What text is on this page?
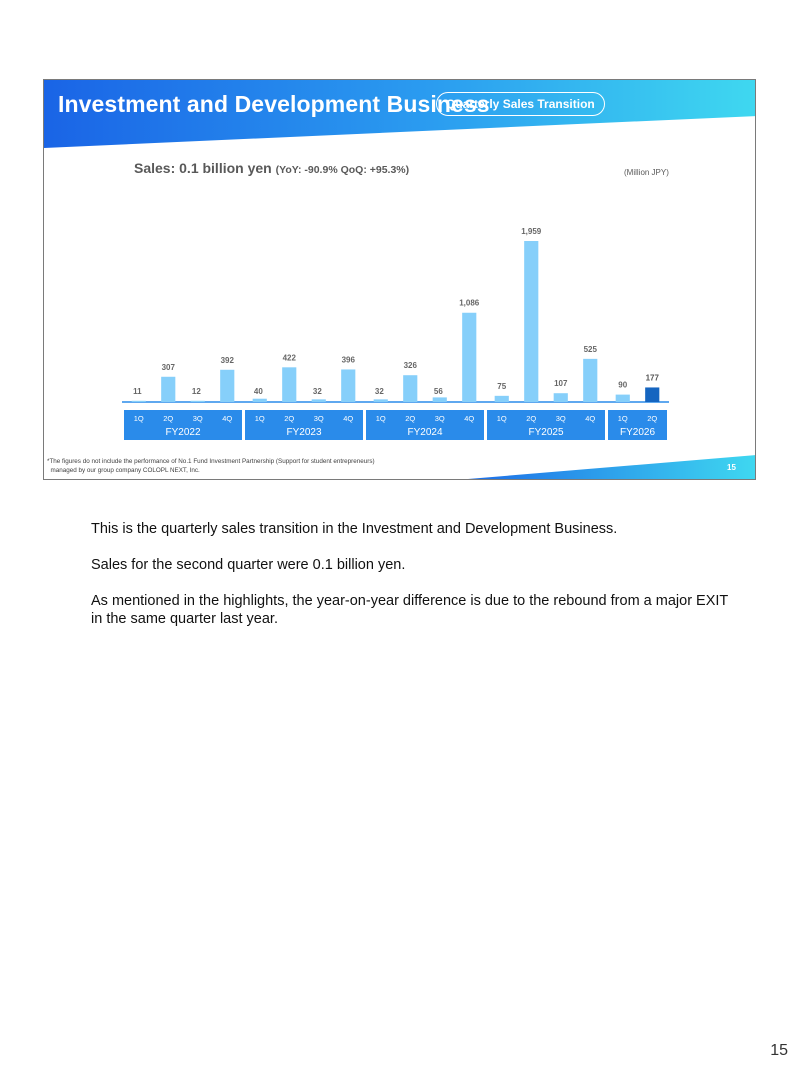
Investment and Development Business
Quarterly Sales Transition
Sales: 0.1 billion yen (YoY: -90.9% QoQ: +95.3%)	(Million JPY)
FY2022	FY2023	FY2024	FY2025	FY2026
11
1Q
307
2Q
12
3Q
392
4Q
40
1Q
422
2Q
32
3Q
396
4Q
32
1Q
326
2Q
56
3Q
1,086
4Q
75
1Q
1,959
2Q
107
3Q
525
4Q
90
1Q
177
2Q
*The figures do not include the performance of No.1 Fund Investment Partnership (Support for student entrepreneurs)
managed by our group company COLOPL NEXT, Inc.	15

This is the quarterly sales transition in the Investment and Development Business.

Sales for the second quarter were 0.1 billion yen.

As mentioned in the highlights, the year-on-year difference is due to the rebound from a major EXIT in the same quarter last year.

15
